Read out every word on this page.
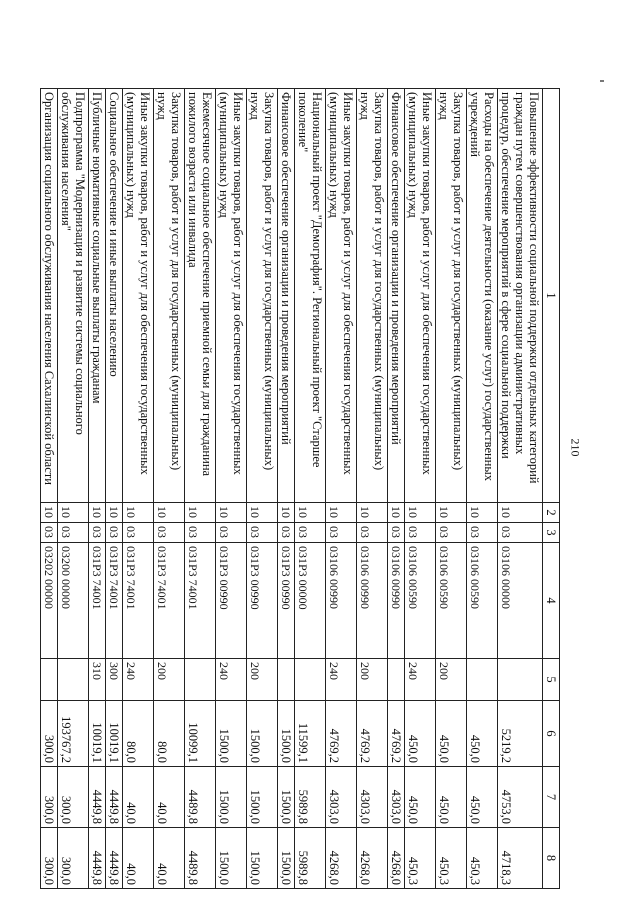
210
1	2	3	4	5	6	7	8
Повышение эффективности социальной поддержки отдельных категорий граждан путем совершенствования организации административных процедур, обеспечение мероприятий в сфере социальной поддержки	10	03	03106 00000		5219,2	4753,0	4718,3
Расходы на обеспечение деятельности (оказание услуг) государственных учреждений	10	03	03106 00590		450,0	450,0	450,3
Закупка товаров, работ и услуг для государственных (муниципальных) нужд	10	03	03106 00590	200	450,0	450,0	450,3
Иные закупки товаров, работ и услуг для обеспечения государственных (муниципальных) нужд	10	03	03106 00590	240	450,0	450,0	450,3
Финансовое обеспечение организации и проведения мероприятий	10	03	03106 00990		4769,2	4303,0	4268,0
Закупка товаров, работ и услуг для государственных (муниципальных) нужд	10	03	03106 00990	200	4769,2	4303,0	4268,0
Иные закупки товаров, работ и услуг для обеспечения государственных (муниципальных) нужд	10	03	03106 00990	240	4769,2	4303,0	4268,0
Национальный проект "Демография". Региональный проект "Старшее поколение"	10	03	031P3 00000		11599,1	5989,8	5989,8
Финансовое обеспечение организации и проведения мероприятий	10	03	031P3 00990		1500,0	1500,0	1500,0
Закупка товаров, работ и услуг для государственных (муниципальных) нужд	10	03	031P3 00990	200	1500,0	1500,0	1500,0
Иные закупки товаров, работ и услуг для обеспечения государственных (муниципальных) нужд	10	03	031P3 00990	240	1500,0	1500,0	1500,0
Ежемесячное социальное обеспечение приемной семьи для гражданина пожилого возраста или инвалида	10	03	031P3 74001		10099,1	4489,8	4489,8
Закупка товаров, работ и услуг для государственных (муниципальных) нужд	10	03	031P3 74001	200	80,0	40,0	40,0
Иные закупки товаров, работ и услуг для обеспечения государственных (муниципальных) нужд	10	03	031P3 74001	240	80,0	40,0	40,0
Социальное обеспечение и иные выплаты населению	10	03	031P3 74001	300	10019,1	4449,8	4449,8
Публичные нормативные социальные выплаты гражданам	10	03	031P3 74001	310	10019,1	4449,8	4449,8
Подпрограмма "Модернизация и развитие системы социального обслуживания населения"	10	03	03200 00000		193767,2	300,0	300,0
Организация социального обслуживания населения Сахалинской области	10	03	03202 00000		300,0	300,0	300,0
